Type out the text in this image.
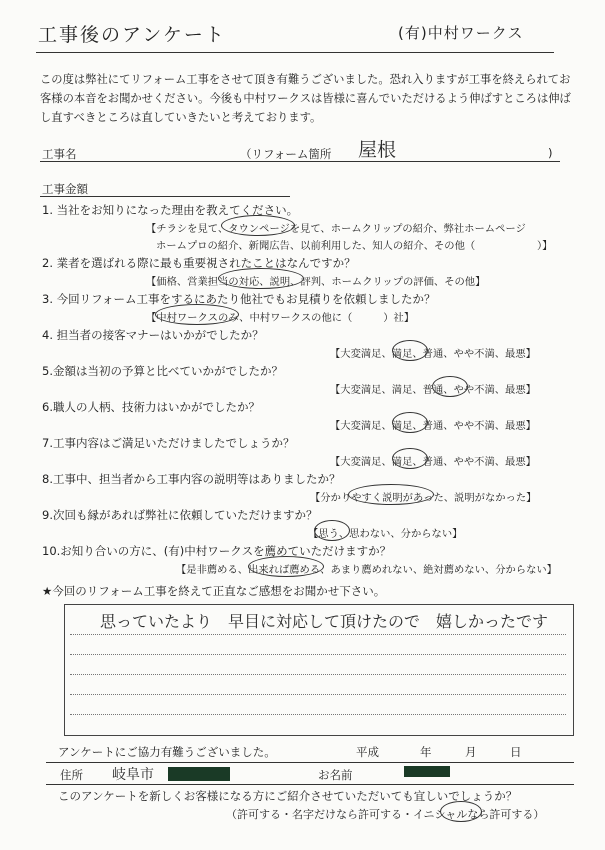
工事後のアンケート	(有)中村ワークス
この度は弊社にてリフォーム工事をさせて頂き有難うございました。恐れ入りますが工事を終えられてお客様の本音をお聞かせください。今後も中村ワークスは皆様に喜んでいただけるよう伸ばすところは伸ばし直すべきところは直していきたいと考えております。
工事名	（リフォーム箇所 屋根	)
工事金額
1. 当社をお知りになった理由を教えてください。
【チラシを見て、タウンページを見て、ホームクリップの紹介、弊社ホームページ
ホームプロの紹介、新聞広告、以前利用した、知人の紹介、その他（　　　　　　）】
2. 業者を選ばれる際に最も重要視されたことはなんですか？
【価格、営業担当の対応、説明、評判、ホームクリップの評価、その他】
3. 今回リフォーム工事をするにあたり他社でもお見積りを依頼しましたか？
【中村ワークスのみ、中村ワークスの他に（　　　）社】
4. 担当者の接客マナーはいかがでしたか？
【大変満足、満足、普通、やや不満、最悪】
5.金額は当初の予算と比べていかがでしたか？
【大変満足、満足、普通、やや不満、最悪】
6.職人の人柄、技術力はいかがでしたか？
【大変満足、満足、普通、やや不満、最悪】
7.工事内容はご満足いただけましたでしょうか？
【大変満足、満足、普通、やや不満、最悪】
8.工事中、担当者から工事内容の説明等はありましたか？
【分かりやすく説明があった、説明がなかった】
9.次回も縁があれば弊社に依頼していただけますか？
【思う、思わない、分からない】
10.お知り合いの方に、(有)中村ワークスを薦めていただけますか？
【是非薦める、出来れば薦める、あまり薦めれない、絶対薦めない、分からない】
★今回のリフォーム工事を終えて正直なご感想をお聞かせ下さい。
思っていたより　早目に対応して頂けたので　嬉しかったです
アンケートにご協力有難うございました。	平成	年	月	日
住所 岐阜市	お名前
このアンケートを新しくお客様になる方にご紹介させていただいても宜しいでしょうか？
（許可する・名字だけなら許可する・イニシャルなら許可する）
